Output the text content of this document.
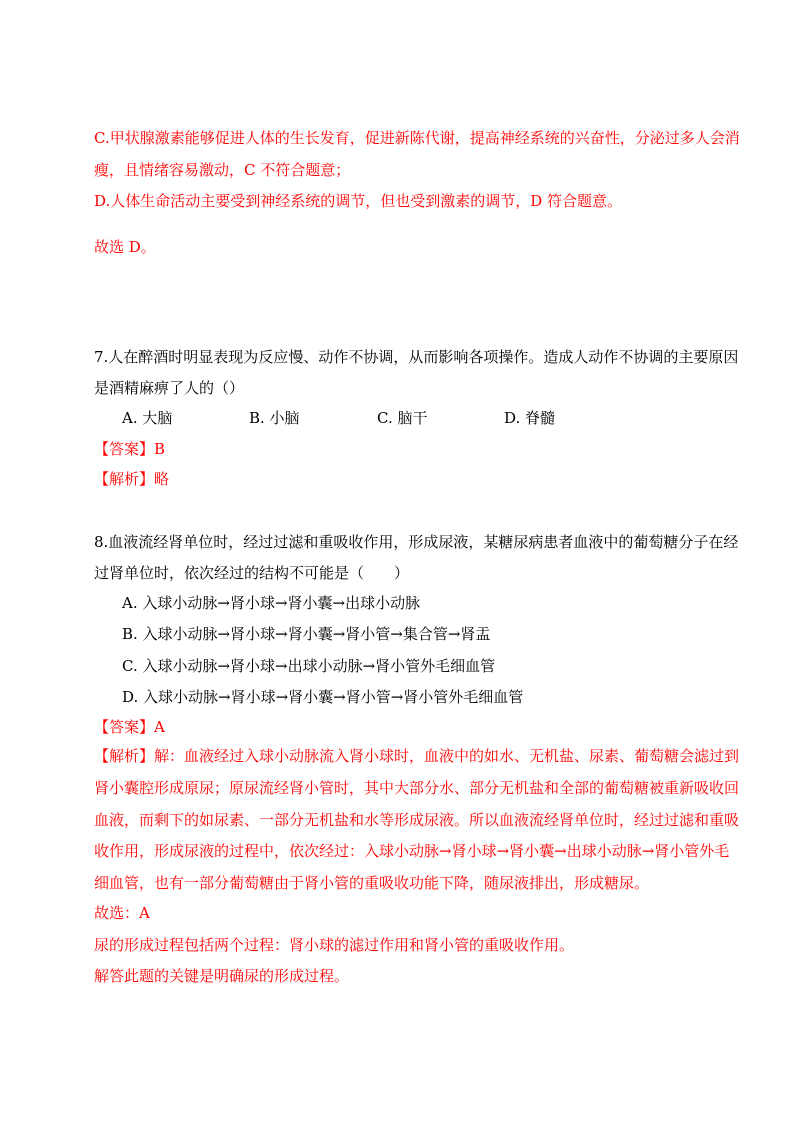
C.甲状腺激素能够促进人体的生长发育，促进新陈代谢，提高神经系统的兴奋性，分泌过多人会消
瘦，且情绪容易激动，C 不符合题意；
D.人体生命活动主要受到神经系统的调节，但也受到激素的调节，D 符合题意。
故选 D。
7.人在醉酒时明显表现为反应慢、动作不协调，从而影响各项操作。造成人动作不协调的主要原因
是酒精麻痹了人的（）
A. 大脑	B. 小脑	C. 脑干	D. 脊髓
【答案】B
【解析】略
8.血液流经肾单位时，经过过滤和重吸收作用，形成尿液，某糖尿病患者血液中的葡萄糖分子在经
过肾单位时，依次经过的结构不可能是（　　）
A. 入球小动脉→肾小球→肾小囊→出球小动脉
B. 入球小动脉→肾小球→肾小囊→肾小管→集合管→肾盂
C. 入球小动脉→肾小球→出球小动脉→肾小管外毛细血管
D. 入球小动脉→肾小球→肾小囊→肾小管→肾小管外毛细血管
【答案】A
【解析】解：血液经过入球小动脉流入肾小球时，血液中的如水、无机盐、尿素、葡萄糖会滤过到
肾小囊腔形成原尿；原尿流经肾小管时，其中大部分水、部分无机盐和全部的葡萄糖被重新吸收回
血液，而剩下的如尿素、一部分无机盐和水等形成尿液。所以血液流经肾单位时，经过过滤和重吸
收作用，形成尿液的过程中，依次经过：入球小动脉→肾小球→肾小囊→出球小动脉→肾小管外毛
细血管，也有一部分葡萄糖由于肾小管的重吸收功能下降，随尿液排出，形成糖尿。
故选：A
尿的形成过程包括两个过程：肾小球的滤过作用和肾小管的重吸收作用。
解答此题的关键是明确尿的形成过程。
